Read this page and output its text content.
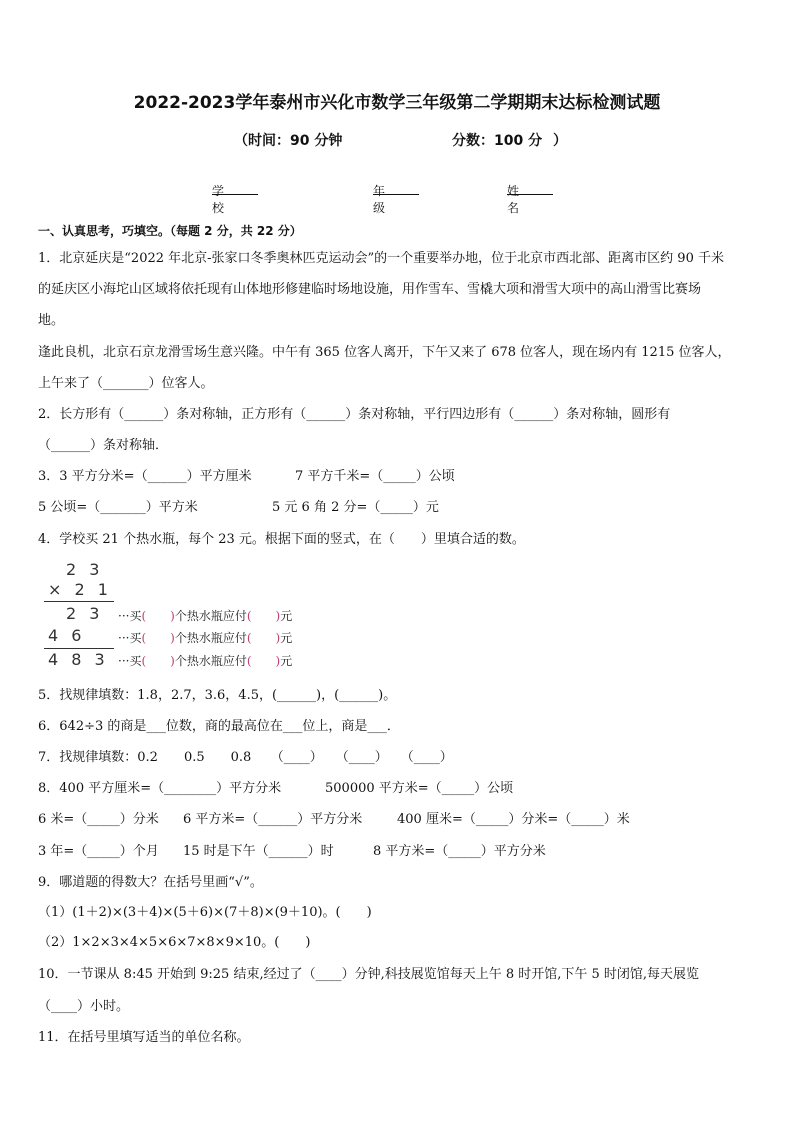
2022-2023学年泰州市兴化市数学三年级第二学期期末达标检测试题
（ 时间：90 分钟	分数：100 分 ）
学校
年级
姓名
一、认真思考，巧填空。（每题 2 分，共 22 分）
1．北京延庆是“2022 年北京-张家口冬季奥林匹克运动会”的一个重要举办地，位于北京市西北部、距离市区约 90 千米
的延庆区小海坨山区域将依托现有山体地形修建临时场地设施，用作雪车、雪橇大项和滑雪大项中的高山滑雪比赛场
地。
逢此良机，北京石京龙滑雪场生意兴隆。中午有 365 位客人离开，下午又来了 678 位客人，现在场内有 1215 位客人，
上午来了（_______）位客人。
2．长方形有（______）条对称轴，正方形有（______）条对称轴，平行四边形有（______）条对称轴，圆形有
（______）条对称轴．
3．3 平方分米=（______）平方厘米	7 平方千米=（_____）公顷
5 公顷=（_______）平方米	5 元 6 角 2 分=（_____）元
4．学校买 21 个热水瓶，每个 23 元。根据下面的竖式，在（　　）里填合适的数。
2 3
× 2 1
2 3
4 6
4 8 3
···买(　　)个热水瓶应付(　　)元
···买(　　)个热水瓶应付(　　)元
···买(　　)个热水瓶应付(　　)元
5．找规律填数：1.8，2.7，3.6，4.5，(______)，(______)。
6．642÷3 的商是___位数，商的最高位在___位上，商是___．
7．找规律填数：0.2　　0.5　　0.8　　（____）　　（____）　　（____）
8．400 平方厘米=（________）平方分米	500000 平方米=（_____）公顷
6 米=（_____）分米 6 平方米=（______）平方分米	400 厘米=（_____）分米=（_____）米
3 年=（_____）个月 15 时是下午（______）时	8 平方米=（_____）平方分米
9．哪道题的得数大？在括号里画“√”。
（1）(1＋2)×(3＋4)×(5＋6)×(7＋8)×(9＋10)。(　　)
（2）1×2×3×4×5×6×7×8×9×10。(　　)
10．一节课从 8:45 开始到 9:25 结束,经过了（____）分钟,科技展览馆每天上午 8 时开馆,下午 5 时闭馆,每天展览
（____）小时。
11．在括号里填写适当的单位名称。
